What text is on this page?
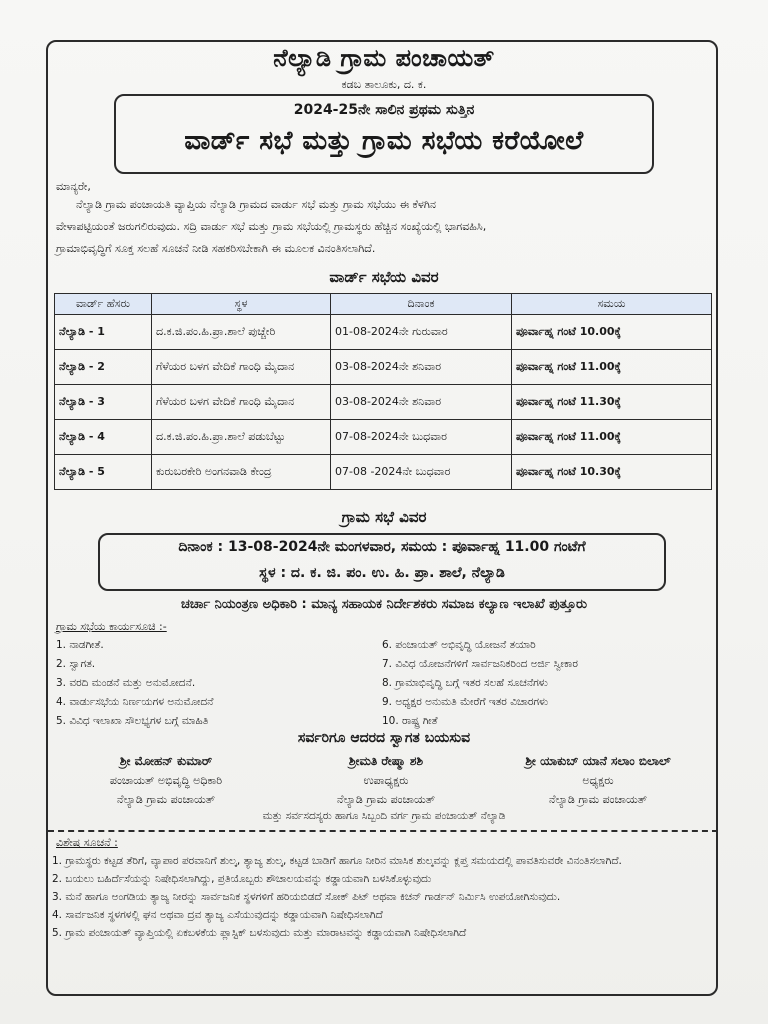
ನೆಲ್ಯಾಡಿ ಗ್ರಾಮ ಪಂಚಾಯತ್
ಕಡಬ ತಾಲೂಕು, ದ. ಕ.
2024-25ನೇ ಸಾಲಿನ ಪ್ರಥಮ ಸುತ್ತಿನ
ವಾರ್ಡ್ ಸಭೆ ಮತ್ತು ಗ್ರಾಮ ಸಭೆಯ ಕರೆಯೋಲೆ
ಮಾನ್ಯರೇ,
ನೆಲ್ಯಾಡಿ ಗ್ರಾಮ ಪಂಚಾಯತಿ ವ್ಯಾಪ್ತಿಯ ನೆಲ್ಯಾಡಿ ಗ್ರಾಮದ ವಾರ್ಡು ಸಭೆ ಮತ್ತು ಗ್ರಾಮ ಸಭೆಯು ಈ ಕೆಳಗಿನ
ವೇಳಾಪಟ್ಟಿಯಂತೆ ಜರುಗಲಿರುವುದು. ಸದ್ರಿ ವಾರ್ಡು ಸಭೆ ಮತ್ತು ಗ್ರಾಮ ಸಭೆಯಲ್ಲಿ ಗ್ರಾಮಸ್ಥರು ಹೆಚ್ಚಿನ ಸಂಖ್ಯೆಯಲ್ಲಿ ಭಾಗವಹಿಸಿ,
ಗ್ರಾಮಾಭಿವೃದ್ಧಿಗೆ ಸೂಕ್ತ ಸಲಹೆ ಸೂಚನೆ ನೀಡಿ ಸಹಕರಿಸಬೇಕಾಗಿ ಈ ಮೂಲಕ ವಿನಂತಿಸಲಾಗಿದೆ.
ವಾರ್ಡ್ ಸಭೆಯ ವಿವರ
ವಾರ್ಡ್ ಹೆಸರು	ಸ್ಥಳ	ದಿನಾಂಕ	ಸಮಯ
ನೆಲ್ಯಾಡಿ - 1	ದ.ಕ.ಜಿ.ಪಂ.ಹಿ.ಪ್ರಾ.ಶಾಲೆ ಪುಚ್ಚೇರಿ	01-08-2024ನೇ ಗುರುವಾರ	ಪೂರ್ವಾಹ್ನ ಗಂಟೆ 10.00ಕ್ಕೆ
ನೆಲ್ಯಾಡಿ - 2	ಗೆಳೆಯರ ಬಳಗ ವೇದಿಕೆ ಗಾಂಧಿ ಮೈದಾನ	03-08-2024ನೇ ಶನಿವಾರ	ಪೂರ್ವಾಹ್ನ ಗಂಟೆ 11.00ಕ್ಕೆ
ನೆಲ್ಯಾಡಿ - 3	ಗೆಳೆಯರ ಬಳಗ ವೇದಿಕೆ ಗಾಂಧಿ ಮೈದಾನ	03-08-2024ನೇ ಶನಿವಾರ	ಪೂರ್ವಾಹ್ನ ಗಂಟೆ 11.30ಕ್ಕೆ
ನೆಲ್ಯಾಡಿ - 4	ದ.ಕ.ಜಿ.ಪಂ.ಹಿ.ಪ್ರಾ.ಶಾಲೆ ಪಡುಬೆಟ್ಟು	07-08-2024ನೇ ಬುಧವಾರ	ಪೂರ್ವಾಹ್ನ ಗಂಟೆ 11.00ಕ್ಕೆ
ನೆಲ್ಯಾಡಿ - 5	ಕುರುಬರಕೇರಿ ಅಂಗನವಾಡಿ ಕೇಂದ್ರ	07-08 -2024ನೇ ಬುಧವಾರ	ಪೂರ್ವಾಹ್ನ ಗಂಟೆ 10.30ಕ್ಕೆ
ಗ್ರಾಮ ಸಭೆ ವಿವರ
ದಿನಾಂಕ : 13-08-2024ನೇ ಮಂಗಳವಾರ, ಸಮಯ : ಪೂರ್ವಾಹ್ನ 11.00 ಗಂಟೆಗೆ
ಸ್ಥಳ : ದ. ಕ. ಜಿ. ಪಂ. ಉ. ಹಿ. ಪ್ರಾ. ಶಾಲೆ, ನೆಲ್ಯಾಡಿ
ಚರ್ಚಾ ನಿಯಂತ್ರಣ ಅಧಿಕಾರಿ : ಮಾನ್ಯ ಸಹಾಯಕ ನಿರ್ದೇಶಕರು ಸಮಾಜ ಕಲ್ಯಾಣ ಇಲಾಖೆ ಪುತ್ತೂರು
ಗ್ರಾಮ ಸಭೆಯ ಕಾರ್ಯಸೂಚಿ :-
1. ನಾಡಗೀತೆ.
2. ಸ್ವಾಗತ.
3. ವರದಿ ಮಂಡನೆ ಮತ್ತು ಅನುಮೋದನೆ.
4. ವಾರ್ಡುಸಭೆಯ ನಿರ್ಣಯಗಳ ಅನುಮೋದನೆ
5. ವಿವಿಧ ಇಲಾಖಾ ಸೌಲಭ್ಯಗಳ ಬಗ್ಗೆ ಮಾಹಿತಿ
6. ಪಂಚಾಯತ್ ಅಭಿವೃದ್ಧಿ ಯೋಜನೆ ತಯಾರಿ
7. ವಿವಿಧ ಯೋಜನೆಗಳಿಗೆ ಸಾರ್ವಜನಿಕರಿಂದ ಅರ್ಜಿ ಸ್ವೀಕಾರ
8. ಗ್ರಾಮಾಭಿವೃದ್ಧಿ ಬಗ್ಗೆ ಇತರ ಸಲಹೆ ಸೂಚನೆಗಳು
9. ಅಧ್ಯಕ್ಷರ ಅನುಮತಿ ಮೇರೆಗೆ ಇತರ ವಿಚಾರಗಳು
10. ರಾಷ್ಟ್ರ ಗೀತೆ
ಸರ್ವರಿಗೂ ಆದರದ ಸ್ವಾಗತ ಬಯಸುವ
ಶ್ರೀ ಮೋಹನ್ ಕುಮಾರ್
ಪಂಚಾಯತ್ ಅಭಿವೃದ್ಧಿ ಅಧಿಕಾರಿ
ನೆಲ್ಯಾಡಿ ಗ್ರಾಮ ಪಂಚಾಯತ್
ಶ್ರೀಮತಿ ರೇಷ್ಮಾ ಶಶಿ
ಉಪಾಧ್ಯಕ್ಷರು
ನೆಲ್ಯಾಡಿ ಗ್ರಾಮ ಪಂಚಾಯತ್
ಶ್ರೀ ಯಾಕುಬ್ ಯಾನೆ ಸಲಾಂ ಬಿಲಾಲ್
ಅಧ್ಯಕ್ಷರು
ನೆಲ್ಯಾಡಿ ಗ್ರಾಮ ಪಂಚಾಯತ್
ಮತ್ತು ಸರ್ವಸದಸ್ಯರು ಹಾಗೂ ಸಿಬ್ಬಂದಿ ವರ್ಗ ಗ್ರಾಮ ಪಂಚಾಯತ್ ನೆಲ್ಯಾಡಿ
ವಿಶೇಷ ಸೂಚನೆ :
1. ಗ್ರಾಮಸ್ಥರು ಕಟ್ಟಡ ತೆರಿಗೆ, ವ್ಯಾಪಾರ ಪರವಾನಿಗೆ ಶುಲ್ಕ, ತ್ಯಾಜ್ಯ ಶುಲ್ಕ, ಕಟ್ಟಡ ಬಾಡಿಗೆ ಹಾಗೂ ನೀರಿನ ಮಾಸಿಕ ಶುಲ್ಕವನ್ನು ಕ್ಲಪ್ತ ಸಮಯದಲ್ಲಿ ಪಾವತಿಸುವರೇ ವಿನಂತಿಸಲಾಗಿದೆ.
2. ಬಯಲು ಬಹಿರ್ದೆಸೆಯನ್ನು ನಿಷೇಧಿಸಲಾಗಿದ್ದು, ಪ್ರತಿಯೊಬ್ಬರು ಶೌಚಾಲಯವನ್ನು ಕಡ್ಡಾಯವಾಗಿ ಬಳಸಿಕೊಳ್ಳುವುದು
3. ಮನೆ ಹಾಗೂ ಅಂಗಡಿಯ ತ್ಯಾಜ್ಯ ನೀರನ್ನು ಸಾರ್ವಜನಿಕ ಸ್ಥಳಗಳಿಗೆ ಹರಿಯಬಿಡದೆ ಸೋಕ್ ಪಿಟ್ ಅಥವಾ ಕಿಚನ್ ಗಾರ್ಡನ್ ನಿರ್ಮಿಸಿ ಉಪಯೋಗಿಸುವುದು.
4. ಸಾರ್ವಜನಿಕ ಸ್ಥಳಗಳಲ್ಲಿ ಘನ ಅಥವಾ ದ್ರವ ತ್ಯಾಜ್ಯ ಎಸೆಯುವುದನ್ನು ಕಡ್ಡಾಯವಾಗಿ ನಿಷೇಧಿಸಲಾಗಿದೆ
5. ಗ್ರಾಮ ಪಂಚಾಯತ್ ವ್ಯಾಪ್ತಿಯಲ್ಲಿ ಏಕಬಳಕೆಯ ಪ್ಲಾಸ್ಟಿಕ್ ಬಳಸುವುದು ಮತ್ತು ಮಾರಾಟವನ್ನು ಕಡ್ಡಾಯವಾಗಿ ನಿಷೇಧಿಸಲಾಗಿದೆ
